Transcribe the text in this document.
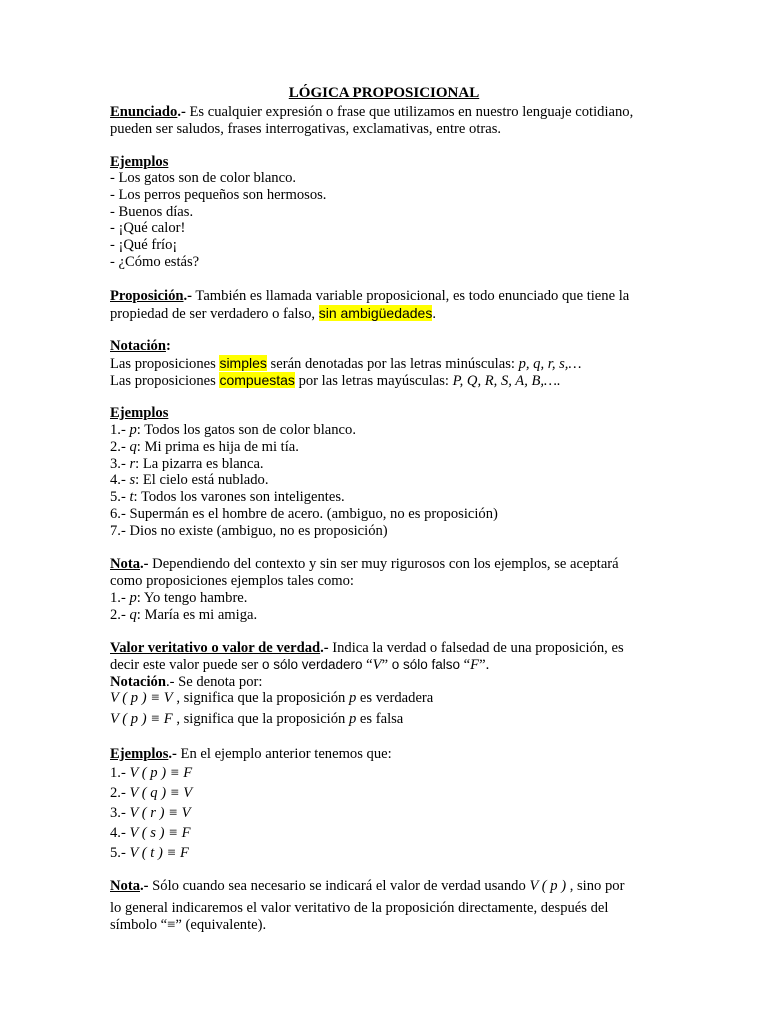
LÓGICA PROPOSICIONAL
Enunciado.- Es cualquier expresión o frase que utilizamos en nuestro lenguaje cotidiano,
pueden ser saludos, frases interrogativas, exclamativas, entre otras.
Ejemplos
- Los gatos son de color blanco.
- Los perros pequeños son hermosos.
- Buenos días.
- ¡Qué calor!
- ¡Qué frío¡
- ¿Cómo estás?
Proposición.- También es llamada variable proposicional, es todo enunciado que tiene la
propiedad de ser verdadero o falso, sin ambigüedades.
Notación:
Las proposiciones simples serán denotadas por las letras minúsculas: p, q, r, s,…
Las proposiciones compuestas por las letras mayúsculas: P, Q, R, S, A, B,….
Ejemplos
1.- p: Todos los gatos son de color blanco.
2.- q: Mi prima es hija de mi tía.
3.- r: La pizarra es blanca.
4.- s: El cielo está nublado.
5.- t: Todos los varones son inteligentes.
6.- Supermán es el hombre de acero. (ambiguo, no es proposición)
7.- Dios no existe (ambiguo, no es proposición)
Nota.- Dependiendo del contexto y sin ser muy rigurosos con los ejemplos, se aceptará
como proposiciones ejemplos tales como:
1.- p: Yo tengo hambre.
2.- q: María es mi amiga.
Valor veritativo o valor de verdad.- Indica la verdad o falsedad de una proposición, es
decir este valor puede ser o sólo verdadero “V” o sólo falso “F”.
Notación.- Se denota por:
V ( p ) ≡ V , significa que la proposición p es verdadera
V ( p ) ≡ F , significa que la proposición p es falsa
Ejemplos.- En el ejemplo anterior tenemos que:
1.- V ( p ) ≡ F
2.- V ( q ) ≡ V
3.- V ( r ) ≡ V
4.- V ( s ) ≡ F
5.- V ( t ) ≡ F
Nota.- Sólo cuando sea necesario se indicará el valor de verdad usando V ( p ) , sino por
lo general indicaremos el valor veritativo de la proposición directamente, después del
símbolo “≡” (equivalente).
